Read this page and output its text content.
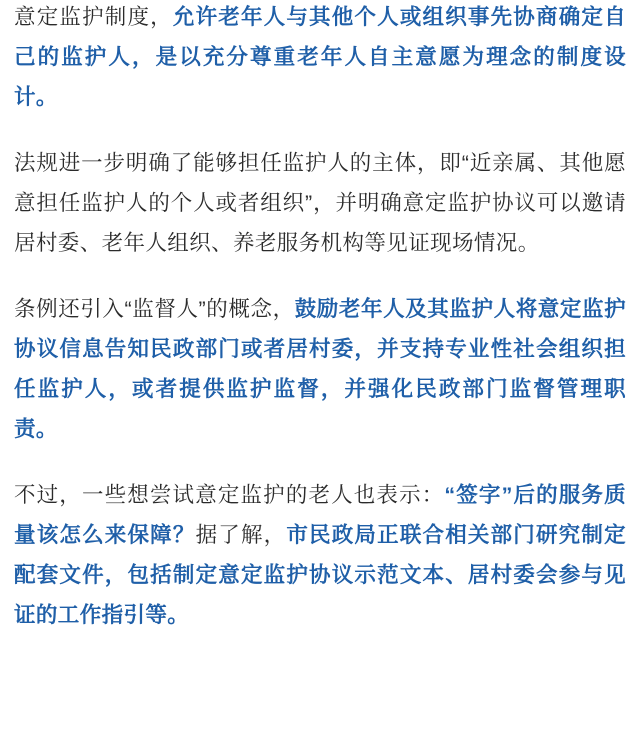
意定监护制度，允许老年人与其他个人或组织事先协商确定自己的监护人，是以充分尊重老年人自主意愿为理念的制度设计。

法规进一步明确了能够担任监护人的主体，即“近亲属、其他愿意担任监护人的个人或者组织”，并明确意定监护协议可以邀请居村委、老年人组织、养老服务机构等见证现场情况。

条例还引入“监督人”的概念，鼓励老年人及其监护人将意定监护协议信息告知民政部门或者居村委，并支持专业性社会组织担任监护人，或者提供监护监督，并强化民政部门监督管理职责。

不过，一些想尝试意定监护的老人也表示：“签字”后的服务质量该怎么来保障？据了解，市民政局正联合相关部门研究制定配套文件，包括制定意定监护协议示范文本、居村委会参与见证的工作指引等。
